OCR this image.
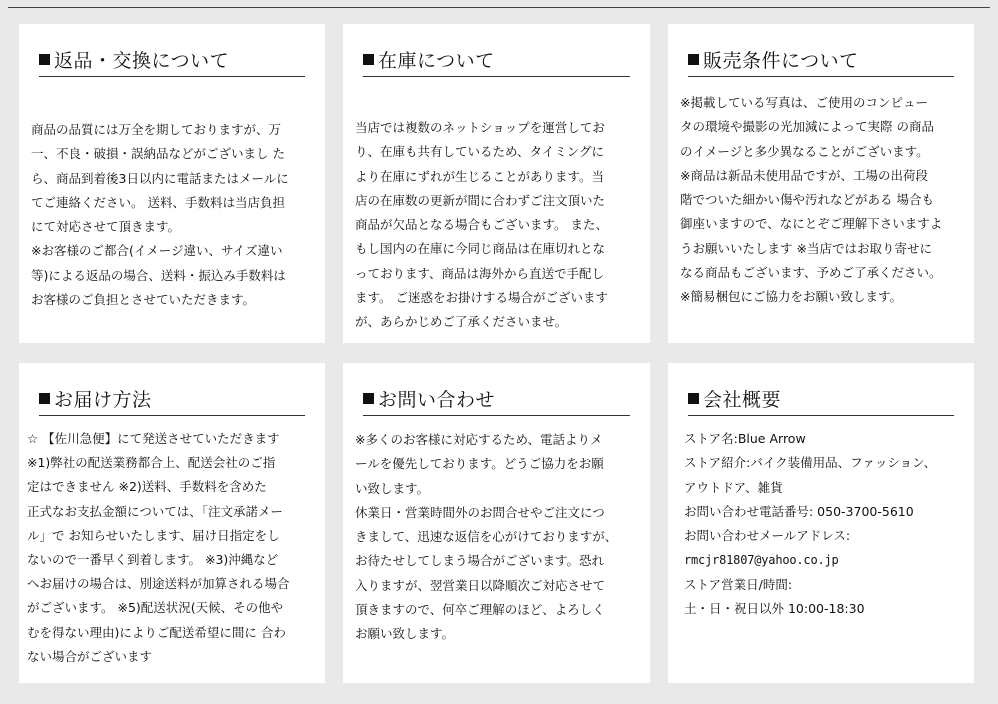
返品・交換について
商品の品質には万全を期しておりますが、万
一、不良・破損・誤納品などがございまし た
ら、商品到着後3日以内に電話またはメールに
てご連絡ください。 送料、手数料は当店負担
にて対応させて頂きます。
※お客様のご都合(イメージ違い、サイズ違い
等)による返品の場合、送料・振込み手数料は
お客様のご負担とさせていただきます。
在庫について
当店では複数のネットショップを運営してお
り、在庫も共有しているため、タイミングに
より在庫にずれが生じることがあります。当
店の在庫数の更新が間に合わずご注文頂いた
商品が欠品となる場合もございます。 また、
もし国内の在庫に今同じ商品は在庫切れとな
っております、商品は海外から直送で手配し
ます。 ご迷惑をお掛けする場合がございます
が、あらかじめご了承くださいませ。
販売条件について
※掲載している写真は、ご使用のコンピュー
タの環境や撮影の光加減によって実際 の商品
のイメージと多少異なることがございます。
※商品は新品未使用品ですが、工場の出荷段
階でついた細かい傷や汚れなどがある 場合も
御座いますので、なにとぞご理解下さいますよ
うお願いいたします ※当店ではお取り寄せに
なる商品もございます、予めご了承ください。
※簡易梱包にご協力をお願い致します。
お届け方法
☆ 【佐川急便】にて発送させていただきます
※1)弊社の配送業務都合上、配送会社のご指
定はできません ※2)送料、手数料を含めた
正式なお支払金額については、「注文承諾メー
ル」で お知らせいたします、届け日指定をし
ないので一番早く到着します。 ※3)沖縄など
へお届けの場合は、別途送料が加算される場合
がございます。 ※5)配送状況(天候、その他や
むを得ない理由)によりご配送希望に間に 合わ
ない場合がございます
お問い合わせ
※多くのお客様に対応するため、電話よりメ
ールを優先しております。どうご協力をお願
い致します。
休業日・営業時間外のお問合せやご注文につ
きまして、迅速な返信を心がけておりますが、
お待たせしてしまう場合がございます。恐れ
入りますが、翌営業日以降順次ご対応させて
頂きますので、何卒ご理解のほど、よろしく
お願い致します。
会社概要
ストア名:Blue Arrow
ストア紹介:バイク装備用品、ファッション、
アウトドア、雑貨
お問い合わせ電話番号: 050-3700-5610
お問い合わせメールアドレス:
rmcjr81807@yahoo.co.jp
ストア営業日/時間:
土・日・祝日以外 10:00-18:30
